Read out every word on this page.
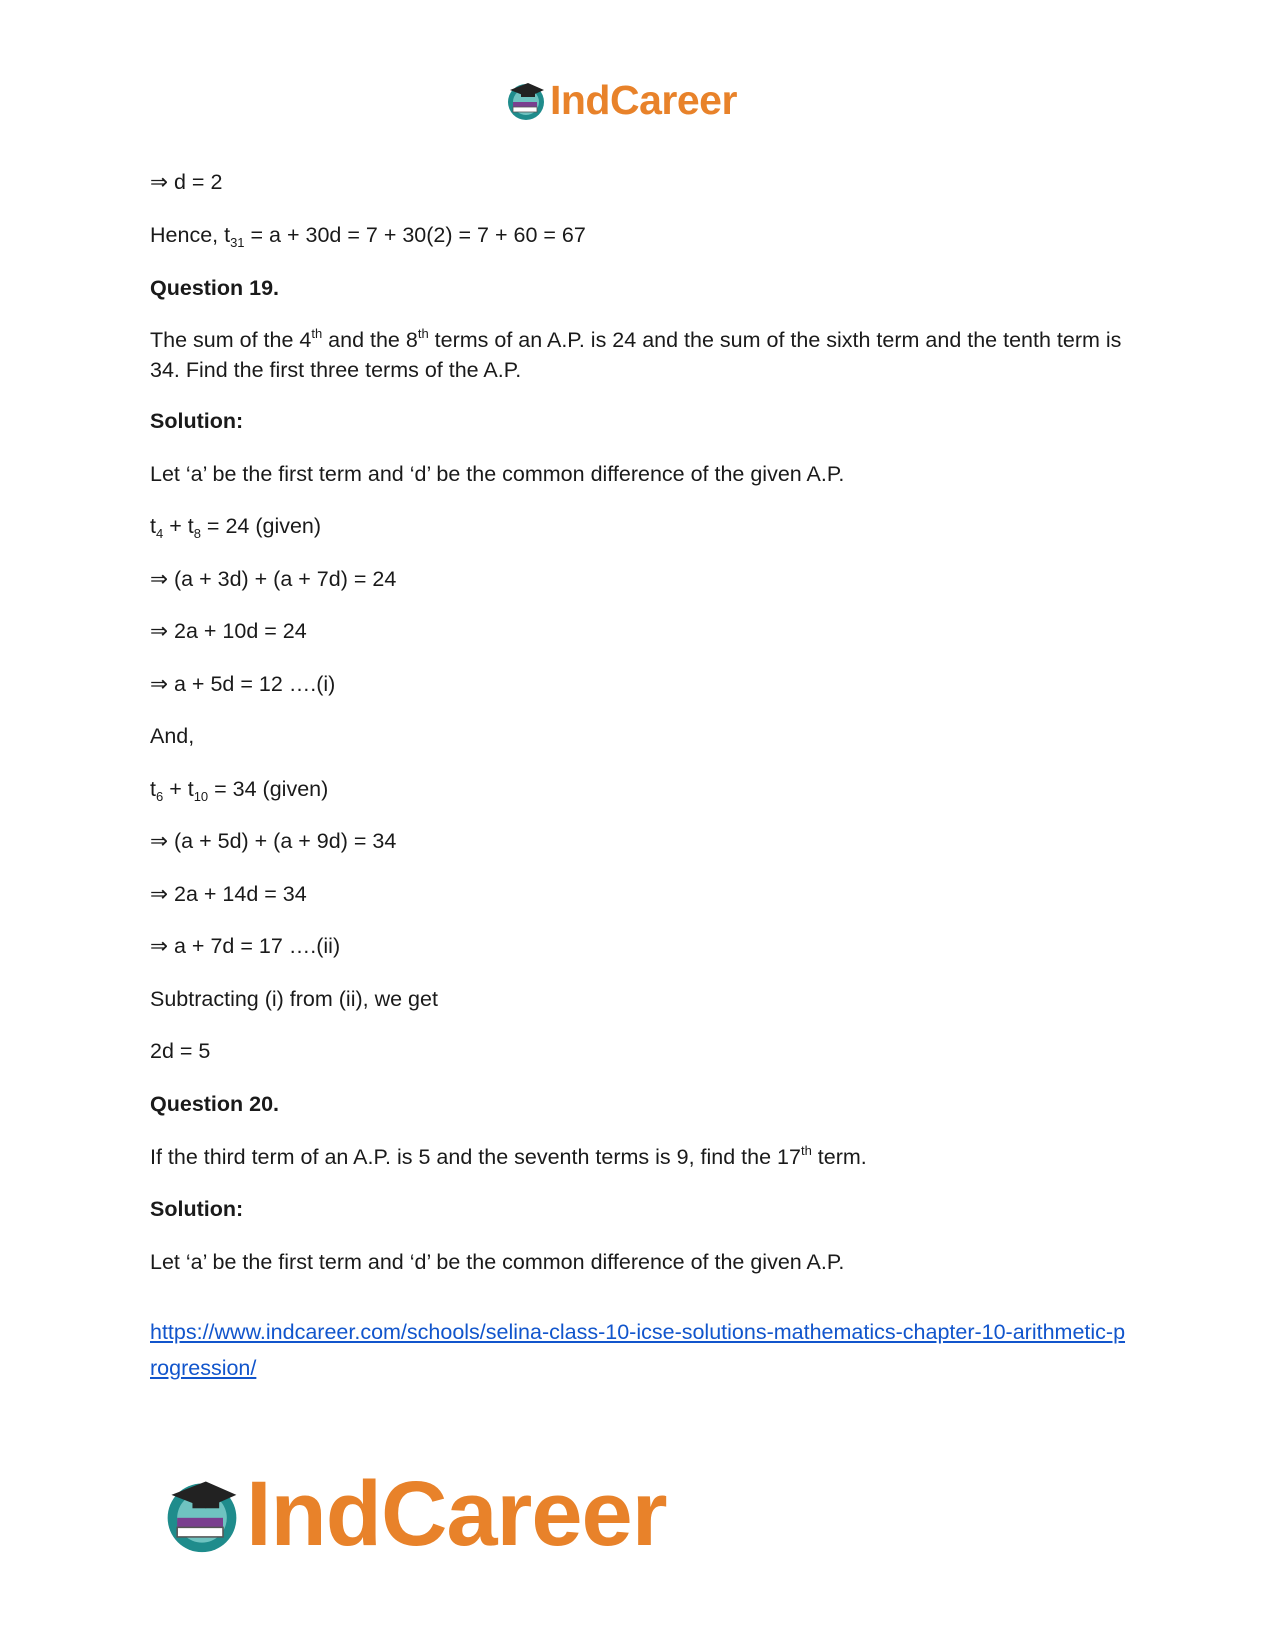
IndCareer
⇒ d = 2
Hence, $t_{31} = a + 30d = 7 + 30(2) = 7 + 60 = 67$
Question 19.
The sum of the 4th and the 8th terms of an A.P. is 24 and the sum of the sixth term and the tenth term is 34. Find the first three terms of the A.P.
Solution:
Let ‘a’ be the first term and ‘d’ be the common difference of the given A.P.
$t_4 + t_8 = 24$ (given)
⇒ (a + 3d) + (a + 7d) = 24
⇒ 2a + 10d = 24
⇒ a + 5d = 12 ….(i)
And,
$t_6 + t_{10} = 34$ (given)
⇒ (a + 5d) + (a + 9d) = 34
⇒ 2a + 14d = 34
⇒ a + 7d = 17 ….(ii)
Subtracting (i) from (ii), we get
2d = 5
Question 20.
If the third term of an A.P. is 5 and the seventh terms is 9, find the 17th term.
Solution:
Let ‘a’ be the first term and ‘d’ be the common difference of the given A.P.
https://www.indcareer.com/schools/selina-class-10-icse-solutions-mathematics-chapter-10-arithmetic-progression/
IndCareer
